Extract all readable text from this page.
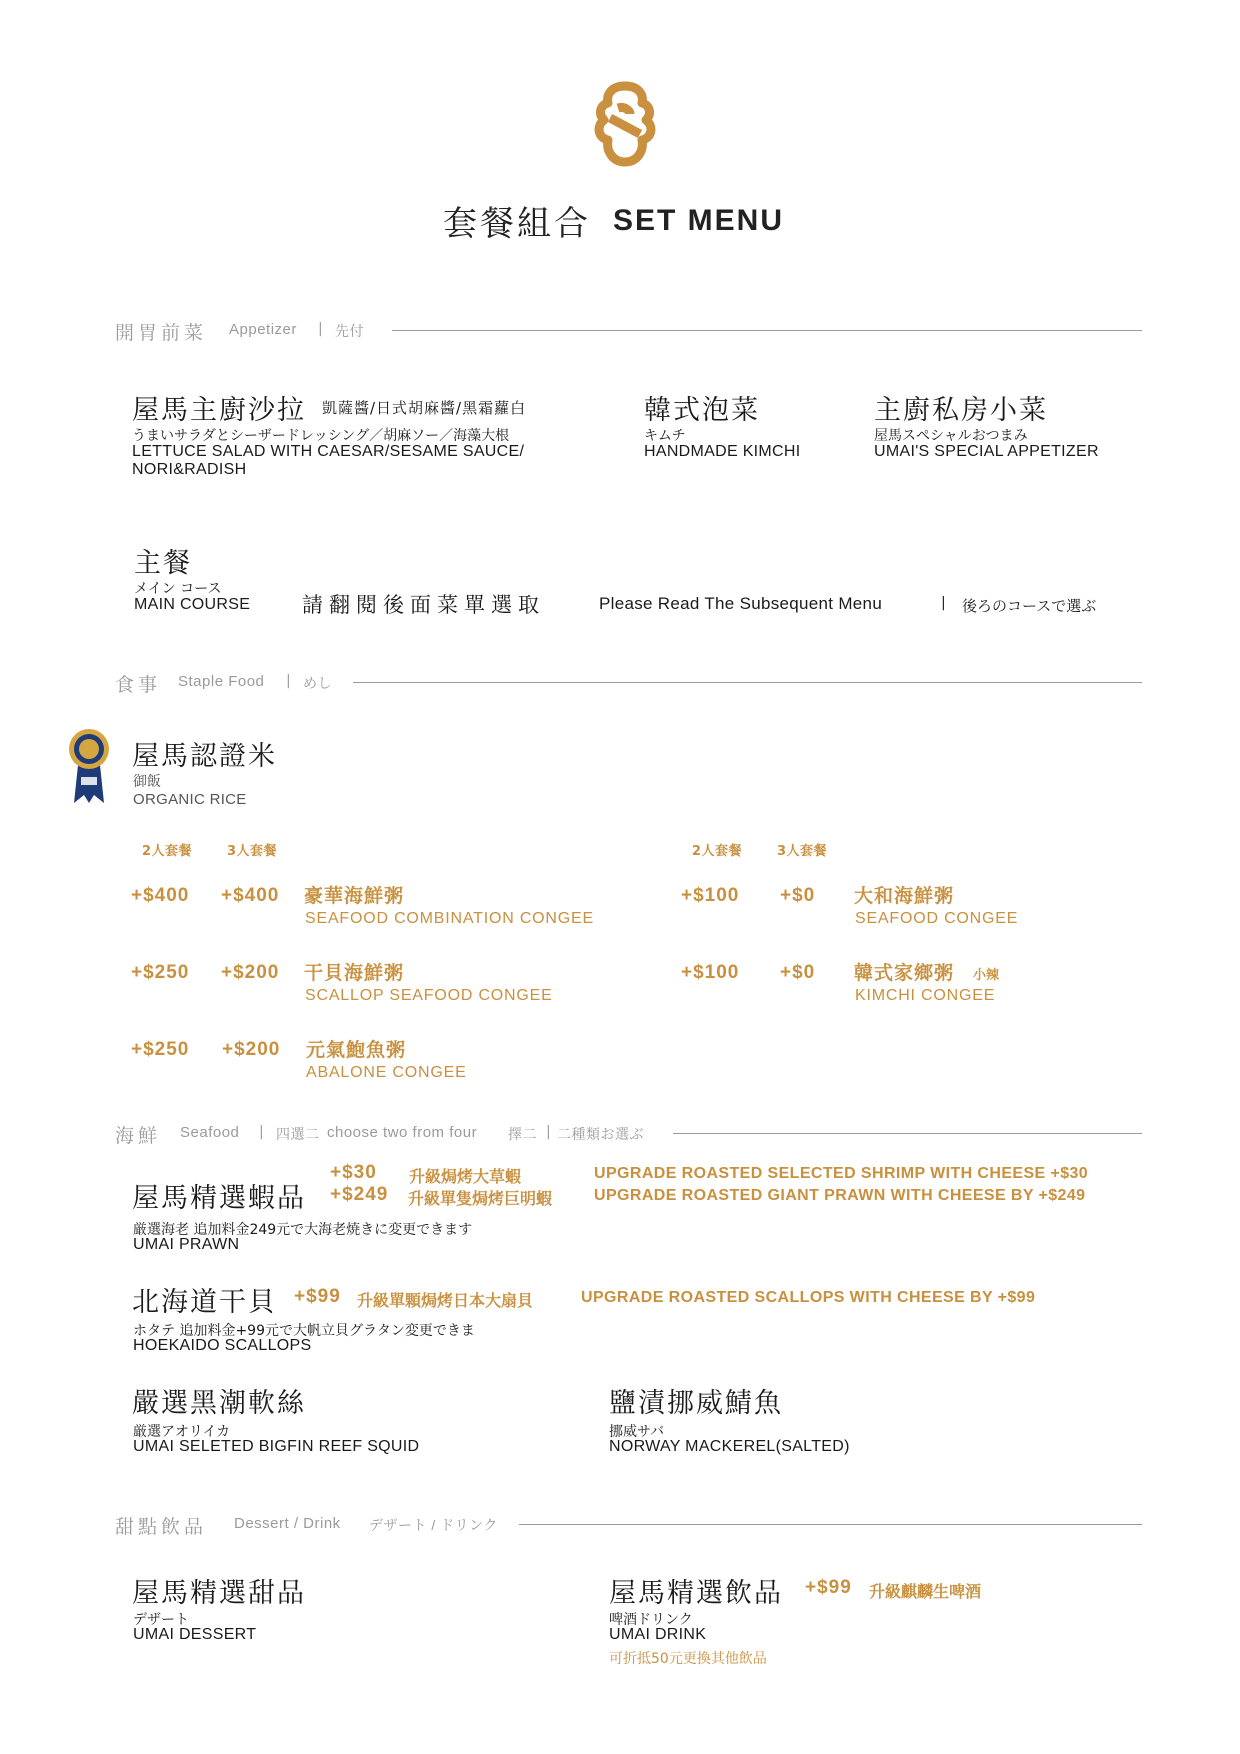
套餐組合 SET MENU
開胃前菜 Appetizer | 先付
屋馬主廚沙拉 凱薩醬/日式胡麻醬/黑霜蘿白
うまいサラダとシーザードレッシング／胡麻ソー／海藻大根
LETTUCE SALAD WITH CAESAR/SESAME SAUCE/
NORI&RADISH
韓式泡菜
キムチ
HANDMADE KIMCHI
主廚私房小菜
屋馬スペシャルおつまみ
UMAI'S SPECIAL APPETIZER
主餐
メイン コース
MAIN COURSE 請翻閱後面菜單選取	Please Read The Subsequent Menu	| 後ろのコースで選ぶ
食事 Staple Food | めし
屋馬認證米
御飯
ORGANIC RICE
2人套餐	3人套餐	2人套餐	3人套餐
+$400 +$400 豪華海鮮粥
SEAFOOD COMBINATION CONGEE
+$250 +$200 干貝海鮮粥
SCALLOP SEAFOOD CONGEE
+$250 +$200 元氣鮑魚粥
ABALONE CONGEE
+$100 +$0 大和海鮮粥
SEAFOOD CONGEE
+$100 +$0 韓式家鄉粥 小辣
KIMCHI CONGEE
海鮮 Seafood | 四選二 choose two from four 擇二 | 二種類お選ぶ
屋馬精選蝦品
+$30 升級焗烤大草蝦	UPGRADE ROASTED SELECTED SHRIMP WITH CHEESE +$30
+$249 升級單隻焗烤巨明蝦	UPGRADE ROASTED GIANT PRAWN WITH CHEESE BY +$249
厳選海老 追加料金249元で大海老焼きに変更できます
UMAI PRAWN
北海道干貝 +$99 升級單顆焗烤日本大扇貝	UPGRADE ROASTED SCALLOPS WITH CHEESE BY +$99
ホタテ 追加料金+99元で大帆立貝グラタン変更できま
HOEKAIDO SCALLOPS
嚴選黑潮軟絲
厳選アオリイカ
UMAI SELETED BIGFIN REEF SQUID
鹽漬挪威鯖魚
挪威サバ
NORWAY MACKEREL(SALTED)
甜點飲品 Dessert / Drink デザート / ドリンク
屋馬精選甜品
デザート
UMAI DESSERT
屋馬精選飲品 +$99 升級麒麟生啤酒
啤酒ドリンク
UMAI DRINK
可折抵50元更換其他飲品
